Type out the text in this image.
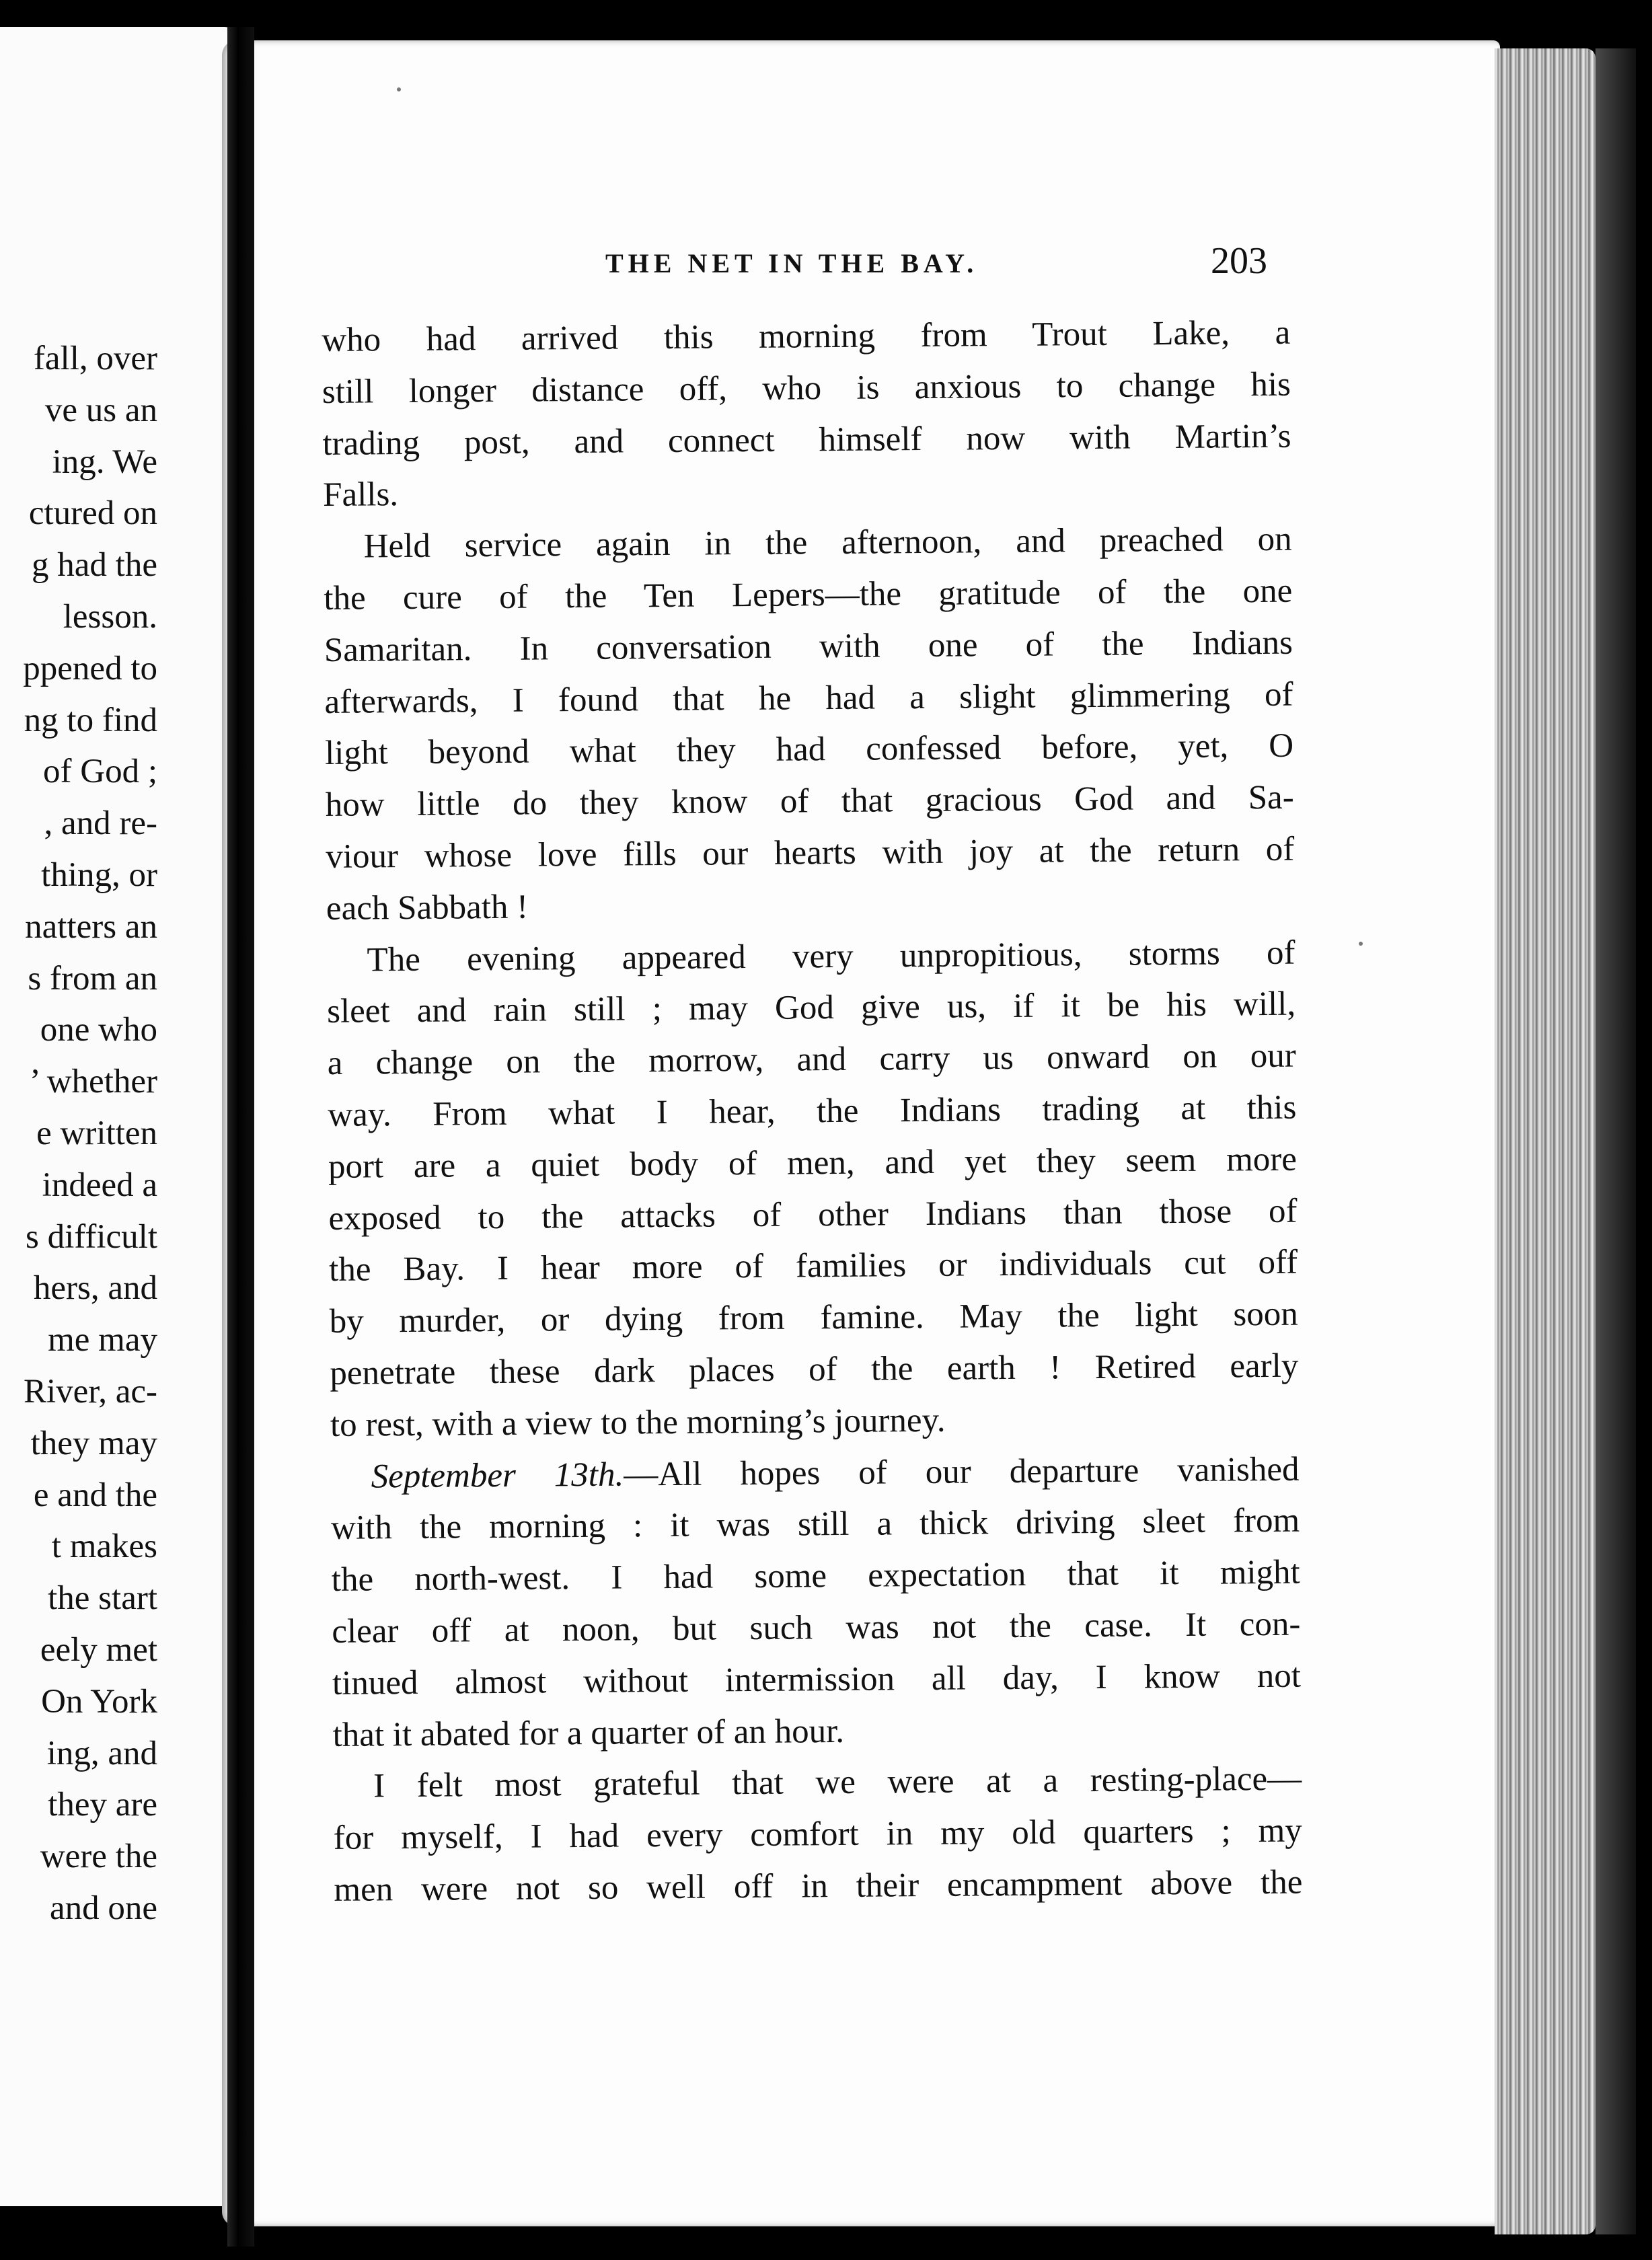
fall, over
ve us an
ing. We
ctured on
g had the
lesson.
ppened to
ng to find
of God ;
, and re-
thing, or
natters an
s from an
one who
’ whether
e written
indeed a
s difficult
hers, and
me may
River, ac-
they may
e and the
t makes
the start
eely met
On York
ing, and
they are
were the
and one
THE NET IN THE BAY.	203
who had arrived this morning from Trout Lake, a
still longer distance off, who is anxious to change his
trading post, and connect himself now with Martin’s
Falls.
Held service again in the afternoon, and preached on
the cure of the Ten Lepers—the gratitude of the one
Samaritan. In conversation with one of the Indians
afterwards, I found that he had a slight glimmering of
light beyond what they had confessed before, yet, O
how little do they know of that gracious God and Sa-
viour whose love fills our hearts with joy at the return of
each Sabbath !
The evening appeared very unpropitious, storms of
sleet and rain still ; may God give us, if it be his will,
a change on the morrow, and carry us onward on our
way. From what I hear, the Indians trading at this
port are a quiet body of men, and yet they seem more
exposed to the attacks of other Indians than those of
the Bay. I hear more of families or individuals cut off
by murder, or dying from famine. May the light soon
penetrate these dark places of the earth ! Retired early
to rest, with a view to the morning’s journey.
September 13th.—All hopes of our departure vanished
with the morning : it was still a thick driving sleet from
the north-west. I had some expectation that it might
clear off at noon, but such was not the case. It con-
tinued almost without intermission all day, I know not
that it abated for a quarter of an hour.
I felt most grateful that we were at a resting-place—
for myself, I had every comfort in my old quarters ; my
men were not so well off in their encampment above the
